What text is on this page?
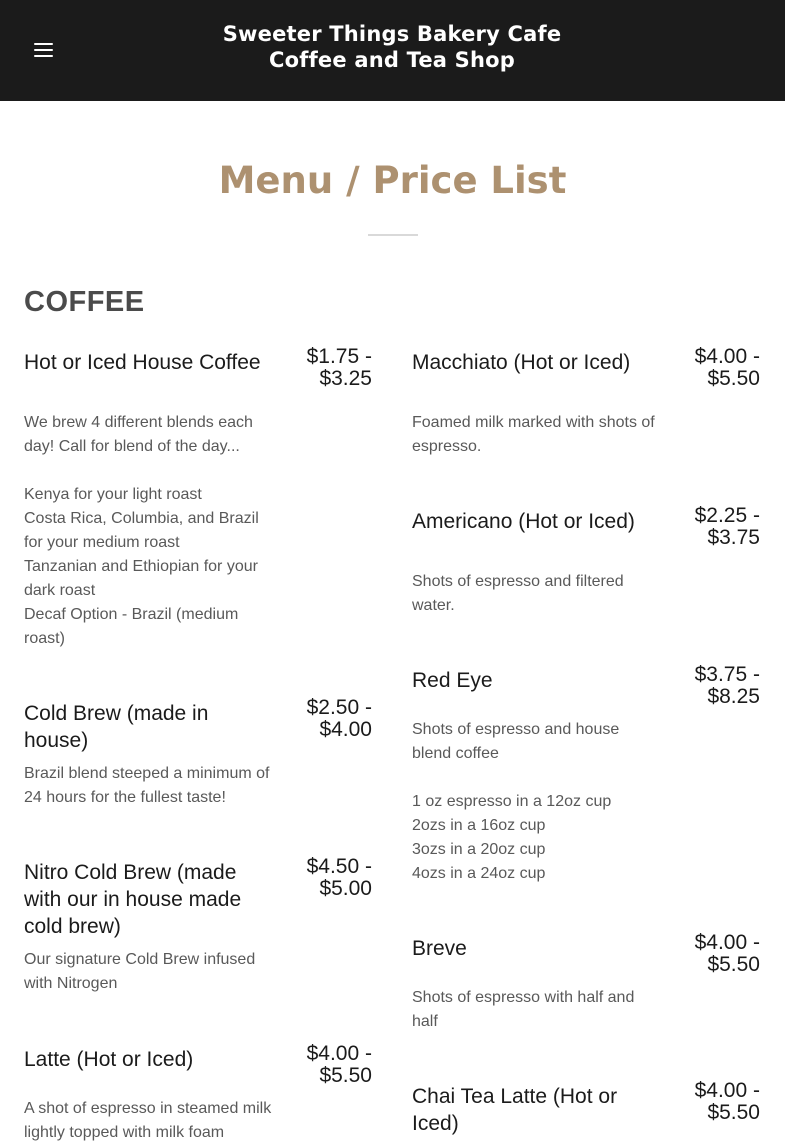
Sweeter Things Bakery Cafe
Coffee and Tea Shop
Menu / Price List
COFFEE
Hot or Iced House Coffee	$1.75 -
$3.25
We brew 4 different blends each day! Call for blend of the day...
Kenya for your light roast
Costa Rica, Columbia, and Brazil for your medium roast
Tanzanian and Ethiopian for your dark roast
Decaf Option - Brazil (medium roast)
Cold Brew (made in house)
$2.50 -
$4.00
Brazil blend steeped a minimum of 24 hours for the fullest taste!
Nitro Cold Brew (made with our in house made cold brew)
$4.50 -
$5.00
Our signature Cold Brew infused with Nitrogen
Latte (Hot or Iced)	$4.00 -
$5.50
A shot of espresso in steamed milk lightly topped with milk foam
Macchiato (Hot or Iced)	$4.00 -
$5.50
Foamed milk marked with shots of espresso.
Americano (Hot or Iced)	$2.25 -
$3.75
Shots of espresso and filtered water.
Red Eye	$3.75 -
$8.25
Shots of espresso and house blend coffee
1 oz espresso in a 12oz cup
2ozs in a 16oz cup
3ozs in a 20oz cup
4ozs in a 24oz cup
Breve	$4.00 -
$5.50
Shots of espresso with half and half
Chai Tea Latte (Hot or Iced)
$4.00 -
$5.50
